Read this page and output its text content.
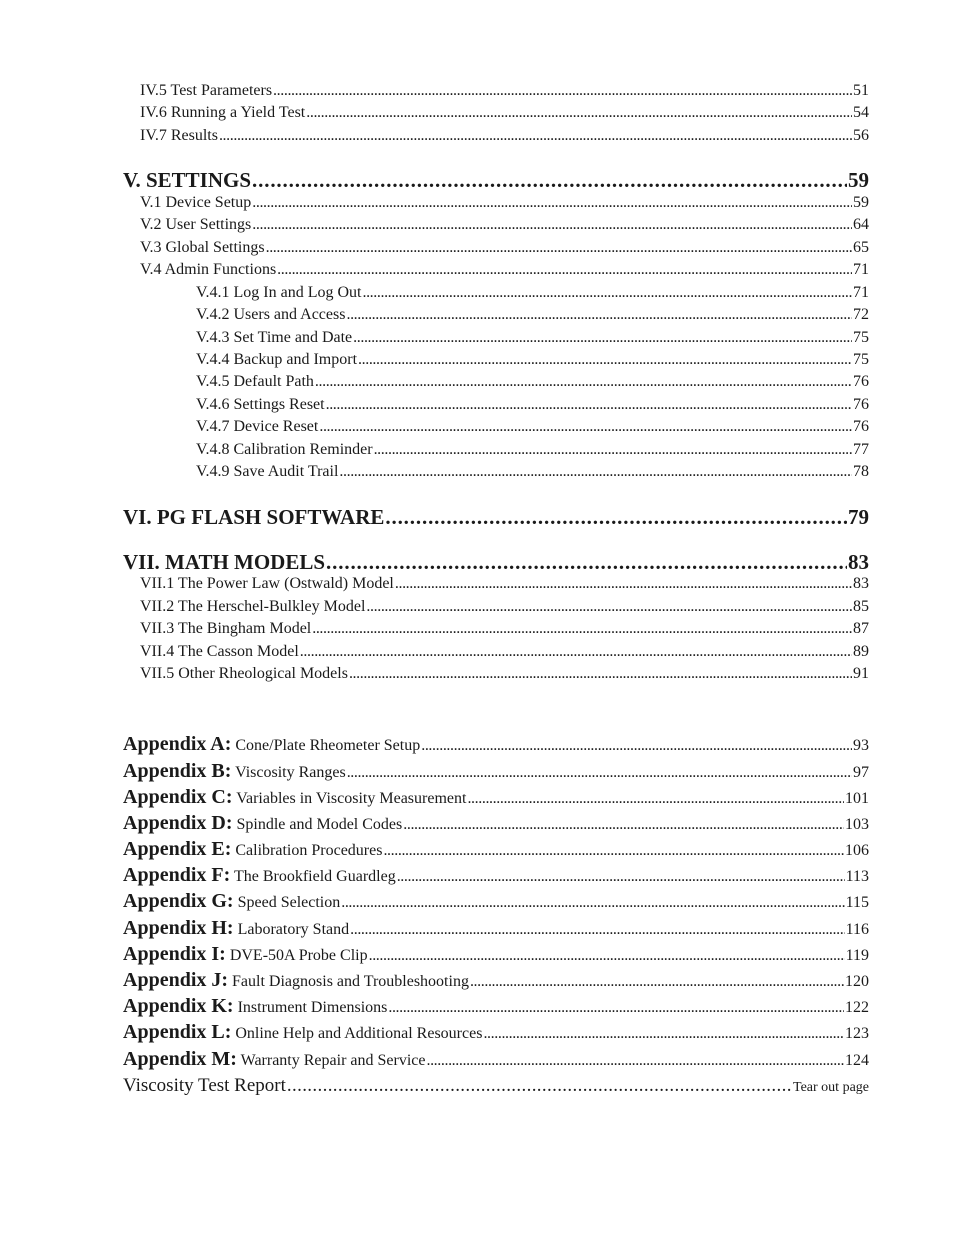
IV.5 Test Parameters . . .	51
IV.6 Running a Yield Test . . .	54
IV.7 Results . . .	56
V. SETTINGS . . .	59
V.1 Device Setup . . .	59
V.2 User Settings . . .	64
V.3 Global Settings . . .	65
V.4 Admin Functions . . .	71
V.4.1 Log In and Log Out . . .	71
V.4.2 Users and Access . . .	72
V.4.3 Set Time and Date . . .	75
V.4.4 Backup and Import . . .	75
V.4.5 Default Path . . .	76
V.4.6 Settings Reset . . .	76
V.4.7 Device Reset . . .	76
V.4.8 Calibration Reminder . . .	77
V.4.9 Save Audit Trail . . .	78
VI. PG FLASH SOFTWARE . . .	79
VII. MATH MODELS . . .	83
VII.1 The Power Law (Ostwald) Model . . .	83
VII.2 The Herschel-Bulkley Model . . .	85
VII.3 The Bingham Model . . .	87
VII.4 The Casson Model . . .	89
VII.5 Other Rheological Models . . .	91
Appendix A: Cone/Plate Rheometer Setup . . .	93
Appendix B: Viscosity Ranges . . .	97
Appendix C: Variables in Viscosity Measurement . . .	101
Appendix D: Spindle and Model Codes . . .	103
Appendix E: Calibration Procedures . . .	106
Appendix F: The Brookfield Guardleg . . .	113
Appendix G: Speed Selection . . .	115
Appendix H: Laboratory Stand . . .	116
Appendix I: DVE-50A Probe Clip . . .	119
Appendix J: Fault Diagnosis and Troubleshooting . . .	120
Appendix K: Instrument Dimensions . . .	122
Appendix L: Online Help and Additional Resources . . .	123
Appendix M: Warranty Repair and Service . . .	124
Viscosity Test Report . . .	Tear out page
